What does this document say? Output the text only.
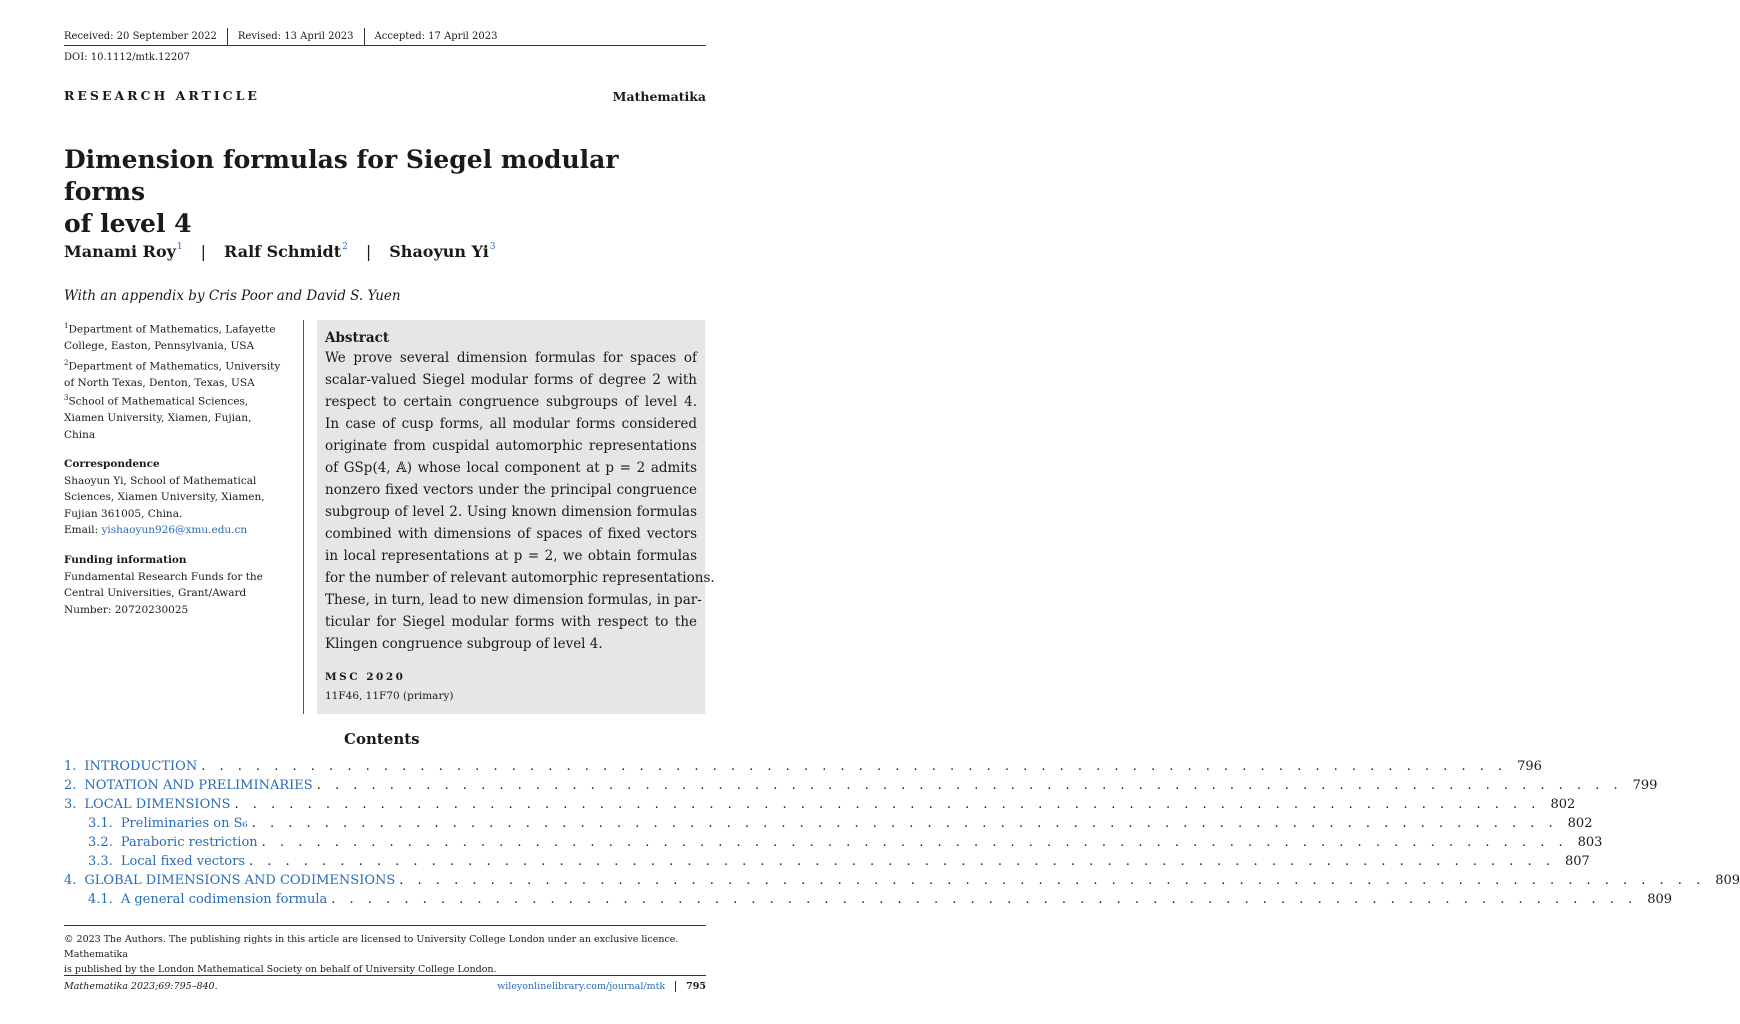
Received: 20 September 2022	Revised: 13 April 2023	Accepted: 17 April 2023
DOI: 10.1112/mtk.12207
RESEARCH ARTICLE	Mathematika
Dimension formulas for Siegel modular forms
of level 4
Manami Roy$^1$ | Ralf Schmidt$^2$ | Shaoyun Yi$^3$
With an appendix by Cris Poor and David S. Yuen
$^1$Department of Mathematics, Lafayette
College, Easton, Pennsylvania, USA
$^2$Department of Mathematics, University
of North Texas, Denton, Texas, USA
$^3$School of Mathematical Sciences,
Xiamen University, Xiamen, Fujian,
China
Correspondence
Shaoyun Yi, School of Mathematical
Sciences, Xiamen University, Xiamen,
Fujian 361005, China.
Email: yishaoyun926@xmu.edu.cn
Funding information
Fundamental Research Funds for the
Central Universities, Grant/Award
Number: 20720230025
Abstract
We prove several dimension formulas for spaces of
scalar-valued Siegel modular forms of degree 2 with
respect to certain congruence subgroups of level 4.
In case of cusp forms, all modular forms considered
originate from cuspidal automorphic representations
of GSp(4, 𝔸) whose local component at p = 2 admits
nonzero fixed vectors under the principal congruence
subgroup of level 2. Using known dimension formulas
combined with dimensions of spaces of fixed vectors
in local representations at p = 2, we obtain formulas
for the number of relevant automorphic representations.
These, in turn, lead to new dimension formulas, in par-
ticular for Siegel modular forms with respect to the
Klingen congruence subgroup of level 4.
MSC 2020
11F46, 11F70 (primary)
Contents
1. INTRODUCTION . . . . . . . . . . . . . . . . . . . . . . . . . . . . . . . . . . . . . . . . . . . . . . . . . . . . . . . . . . . . . . . . . . . . . . . . 796
2. NOTATION AND PRELIMINARIES . . . . . . . . . . . . . . . . . . . . . . . . . . . . . . . . . . . . . . . . . . . . . . . . . . . . . . . . . . . . . . . . . . . . . . . . 799
3. LOCAL DIMENSIONS . . . . . . . . . . . . . . . . . . . . . . . . . . . . . . . . . . . . . . . . . . . . . . . . . . . . . . . . . . . . . . . . . . . . . . . . 802
3.1. Preliminaries on S₆ . . . . . . . . . . . . . . . . . . . . . . . . . . . . . . . . . . . . . . . . . . . . . . . . . . . . . . . . . . . . . . . . . . . . . . . . 802
3.2. Paraboric restriction . . . . . . . . . . . . . . . . . . . . . . . . . . . . . . . . . . . . . . . . . . . . . . . . . . . . . . . . . . . . . . . . . . . . . . . . 803
3.3. Local fixed vectors . . . . . . . . . . . . . . . . . . . . . . . . . . . . . . . . . . . . . . . . . . . . . . . . . . . . . . . . . . . . . . . . . . . . . . . . 807
4. GLOBAL DIMENSIONS AND CODIMENSIONS . . . . . . . . . . . . . . . . . . . . . . . . . . . . . . . . . . . . . . . . . . . . . . . . . . . . . . . . . . . . . . . . . . . . . . . . 809
4.1. A general codimension formula . . . . . . . . . . . . . . . . . . . . . . . . . . . . . . . . . . . . . . . . . . . . . . . . . . . . . . . . . . . . . . . . . . . . . . . . 809
© 2023 The Authors. The publishing rights in this article are licensed to University College London under an exclusive licence. Mathematika
is published by the London Mathematical Society on behalf of University College London.
Mathematika 2023;69:795–840.	wileyonlinelibrary.com/journal/mtk	795
